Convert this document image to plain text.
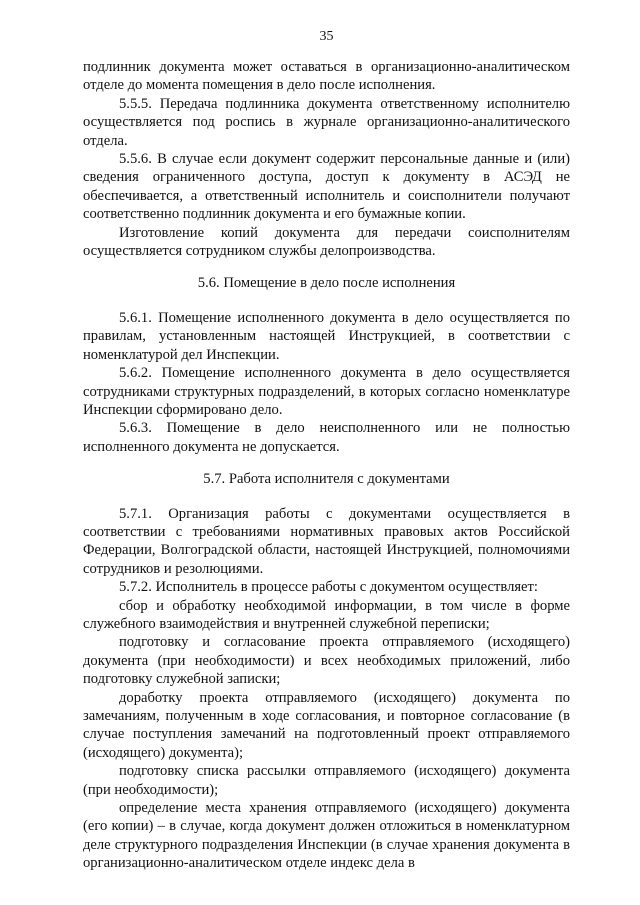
35

подлинник документа может оставаться в организационно-аналитическом отделе до момента помещения в дело после исполнения.

5.5.5. Передача подлинника документа ответственному исполнителю осуществляется под роспись в журнале организационно-аналитического отдела.

5.5.6. В случае если документ содержит персональные данные и (или) сведения ограниченного доступа, доступ к документу в АСЭД не обеспечивается, а ответственный исполнитель и соисполнители получают соответственно подлинник документа и его бумажные копии.

Изготовление копий документа для передачи соисполнителям осуществляется сотрудником службы делопроизводства.

5.6. Помещение в дело после исполнения

5.6.1. Помещение исполненного документа в дело осуществляется по правилам, установленным настоящей Инструкцией, в соответствии с номенклатурой дел Инспекции.

5.6.2. Помещение исполненного документа в дело осуществляется сотрудниками структурных подразделений, в которых согласно номенклатуре Инспекции сформировано дело.

5.6.3. Помещение в дело неисполненного или не полностью исполненного документа не допускается.

5.7. Работа исполнителя с документами

5.7.1. Организация работы с документами осуществляется в соответствии с требованиями нормативных правовых актов Российской Федерации, Волгоградской области, настоящей Инструкцией, полномочиями сотрудников и резолюциями.

5.7.2. Исполнитель в процессе работы с документом осуществляет:

сбор и обработку необходимой информации, в том числе в форме служебного взаимодействия и внутренней служебной переписки;

подготовку и согласование проекта отправляемого (исходящего) документа (при необходимости) и всех необходимых приложений, либо подготовку служебной записки;

доработку проекта отправляемого (исходящего) документа по замечаниям, полученным в ходе согласования, и повторное согласование (в случае поступления замечаний на подготовленный проект отправляемого (исходящего) документа);

подготовку списка рассылки отправляемого (исходящего) документа (при необходимости);

определение места хранения отправляемого (исходящего) документа (его копии) – в случае, когда документ должен отложиться в номенклатурном деле структурного подразделения Инспекции (в случае хранения документа в организационно-аналитическом отделе индекс дела в
